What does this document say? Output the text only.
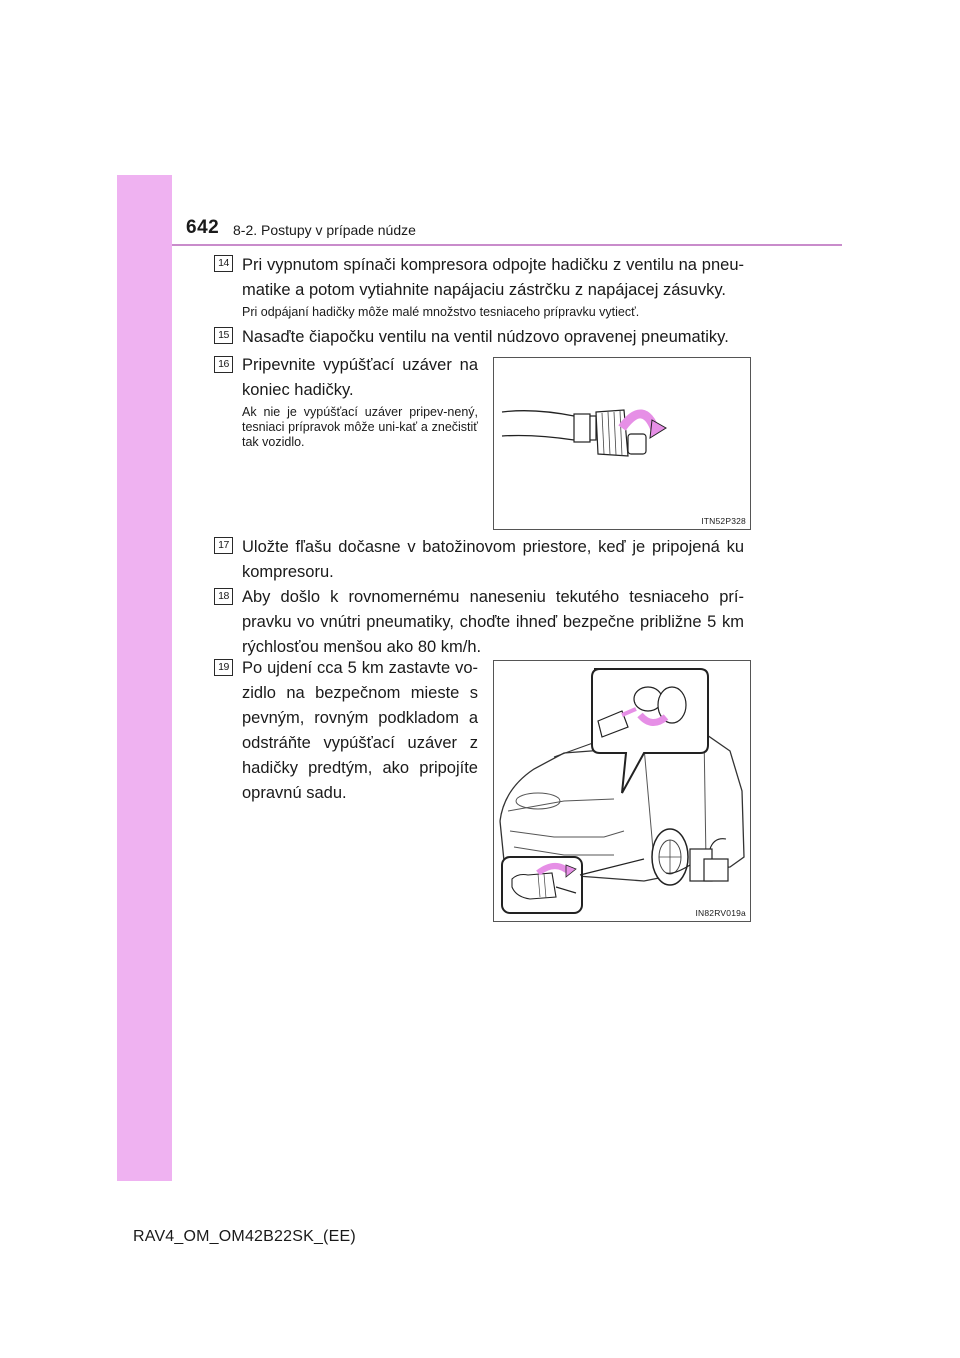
642 8-2. Postupy v prípade núdze
14 Pri vypnutom spínači kompresora odpojte hadičku z ventilu na pneu-matike a potom vytiahnite napájaciu zástrčku z napájacej zásuvky.
Pri odpájaní hadičky môže malé množstvo tesniaceho prípravku vytiecť.
15 Nasaďte čiapočku ventilu na ventil núdzovo opravenej pneumatiky.
16 Pripevnite vypúšťací uzáver na koniec hadičky.
Ak nie je vypúšťací uzáver pripev-nený, tesniaci prípravok môže uni-kať a znečistiť tak vozidlo.
ITN52P328
17 Uložte fľašu dočasne v batožinovom priestore, keď je pripojená ku kompresoru.
18 Aby došlo k rovnomernému naneseniu tekutého tesniaceho prí-pravku vo vnútri pneumatiky, choďte ihneď bezpečne približne 5 km rýchlosťou menšou ako 80 km/h.
19 Po ujdení cca 5 km zastavte vo-zidlo na bezpečnom mieste s pevným, rovným podkladom a odstráňte vypúšťací uzáver z hadičky predtým, ako pripojíte opravnú sadu.
IN82RV019a
RAV4_OM_OM42B22SK_(EE)
